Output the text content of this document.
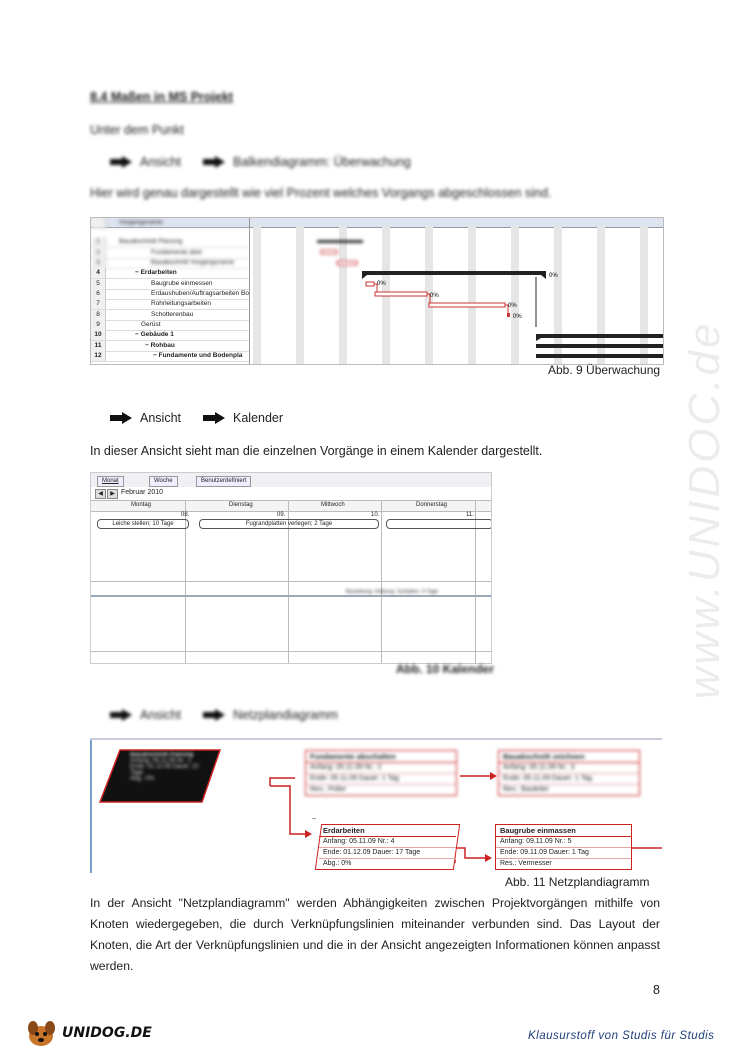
8.4 Maßen in MS Projekt
Unter dem Punkt
Ansicht	Balkendiagramm: Überwachung
Hier wird genau dargestellt wie viel Prozent welches Vorgangs abgeschlossen sind.
Vorgangsname
1	Bauabschnitt Planung
2	Fundamente aber
3	Bauabschnitt Vorgangsname
4	− Erdarbeiten
5	Baugrube einmessen
6	Erdaushuben/Auftragsarbeiten Bo
7	Rohrleitungsarbeiten
8	Schotterenbau
9	Gerüst
10	− Gebäude 1
11	− Rohbau
12	− Fundamente und Bodenpla
0%
0%
0%
0%
0%
Abb. 9 Überwachung
Ansicht	Kalender
In dieser Ansicht sieht man die einzelnen Vorgänge in einem Kalender dargestellt.
Monat	Woche	Benutzerdefiniert
◀	▶ Februar 2010
Montag	Dienstag	Mittwoch	Donnerstag
08.	09.	10.	11.
Leiche stellen; 10 Tage	Fugrandplatten verlegen; 2 Tage
Bauleitung, Haltung, Schäden; 4 Tage
Abb. 10 Kalender
Ansicht	Netzplandiagramm
Bauabschnitt Planung
Anfang: 05.11.09 Nr.: 1
Ende: 01.12.09 Dauer: 22 Tage
Abg.: 0%
Fundamente abschalten
Anfang: 05.11.09 Nr.: 2
Ende: 05.11.09 Dauer: 1 Tag
Res.: Polier
Bauabschnitt zeichnen
Anfang: 05.11.09 Nr.: 3
Ende: 05.11.09 Dauer: 1 Tag
Res.: Bauleiter
−
Erdarbeiten
Anfang: 05.11.09 Nr.: 4
Ende: 01.12.09 Dauer: 17 Tage
Abg.: 0%
Baugrube einmassen
Anfang: 09.11.09 Nr.: 5
Ende: 09.11.09 Dauer: 1 Tag
Res.: Vermesser
Abb. 11 Netzplandiagramm
In der Ansicht "Netzplandiagramm" werden Abhängigkeiten zwischen Projektvorgängen mithilfe von Knoten wiedergegeben, die durch Verknüpfungslinien miteinander verbunden sind. Das Layout der Knoten, die Art der Verknüpfungslinien und die in der Ansicht angezeigten Informationen können anpasst werden.
8
www.UNIDOC.de
UNIDOG.DE	Klausurstoff von Studis für Studis
